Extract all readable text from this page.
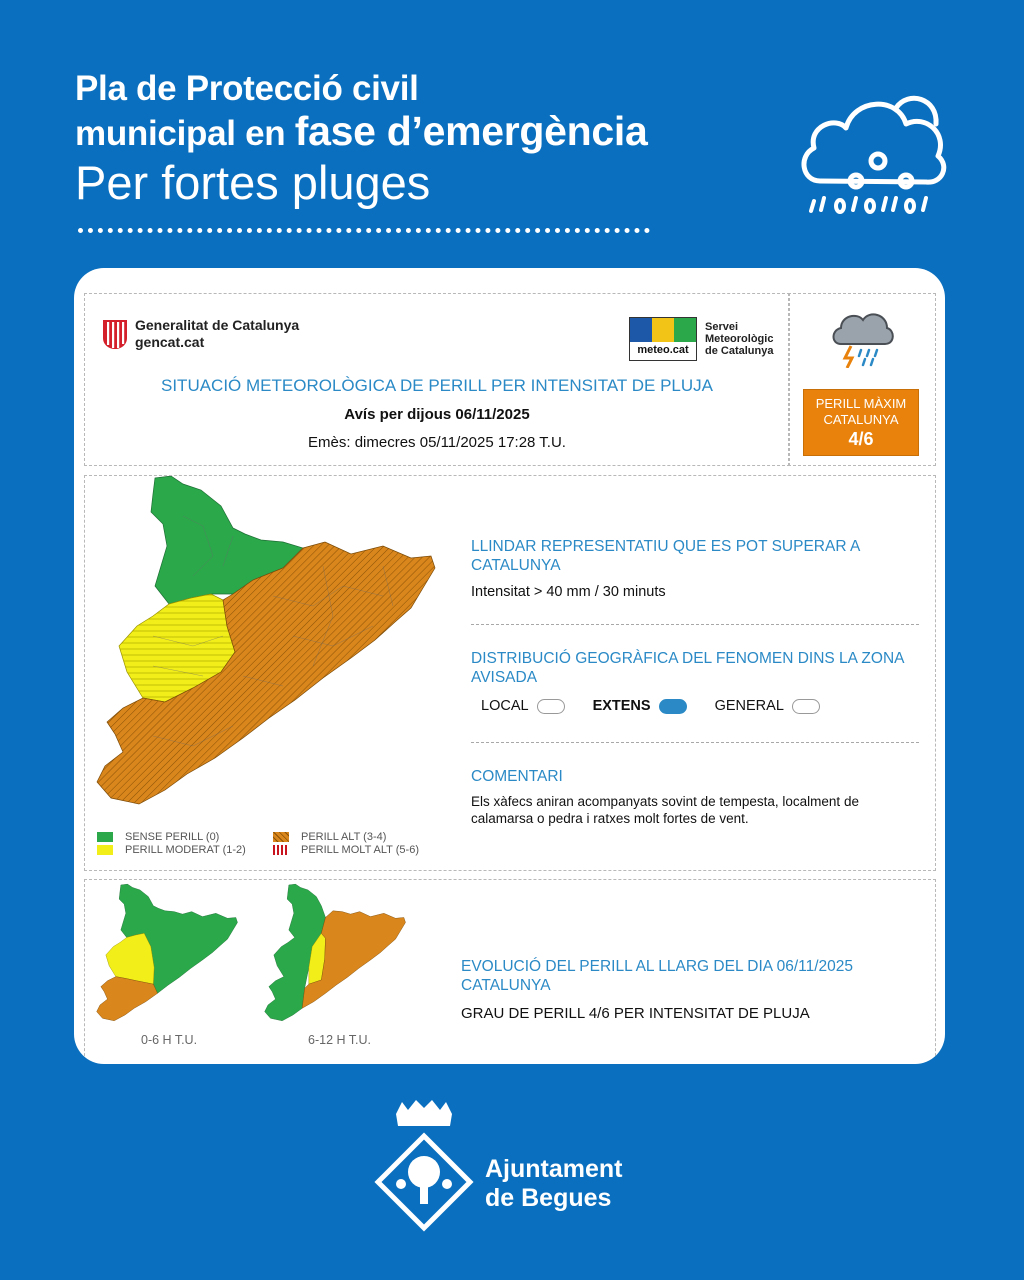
Pla de Protecció civil
municipal en fase d’emergència
Per fortes pluges
Generalitat de Catalunya
gencat.cat	meteo.cat
Servei
Meteorològic
de Catalunya
SITUACIÓ METEOROLÒGICA DE PERILL PER INTENSITAT DE PLUJA
Avís per dijous 06/11/2025
Emès: dimecres 05/11/2025 17:28 T.U.
PERILL MÀXIM
CATALUNYA
4/6
SENSE PERILL (0)
PERILL MODERAT (1-2)
PERILL ALT (3-4)
PERILL MOLT ALT (5-6)
LLINDAR REPRESENTATIU QUE ES POT SUPERAR A CATALUNYA
Intensitat > 40 mm / 30 minuts
DISTRIBUCIÓ GEOGRÀFICA DEL FENOMEN DINS LA ZONA AVISADA
LOCAL	EXTENS	GENERAL
COMENTARI
Els xàfecs aniran acompanyats sovint de tempesta, localment de calamarsa o pedra i ratxes molt fortes de vent.
0-6 H T.U.	6-12 H T.U.
EVOLUCIÓ DEL PERILL AL LLARG DEL DIA 06/11/2025 CATALUNYA
GRAU DE PERILL 4/6 PER INTENSITAT DE PLUJA
Ajuntament
de Begues
